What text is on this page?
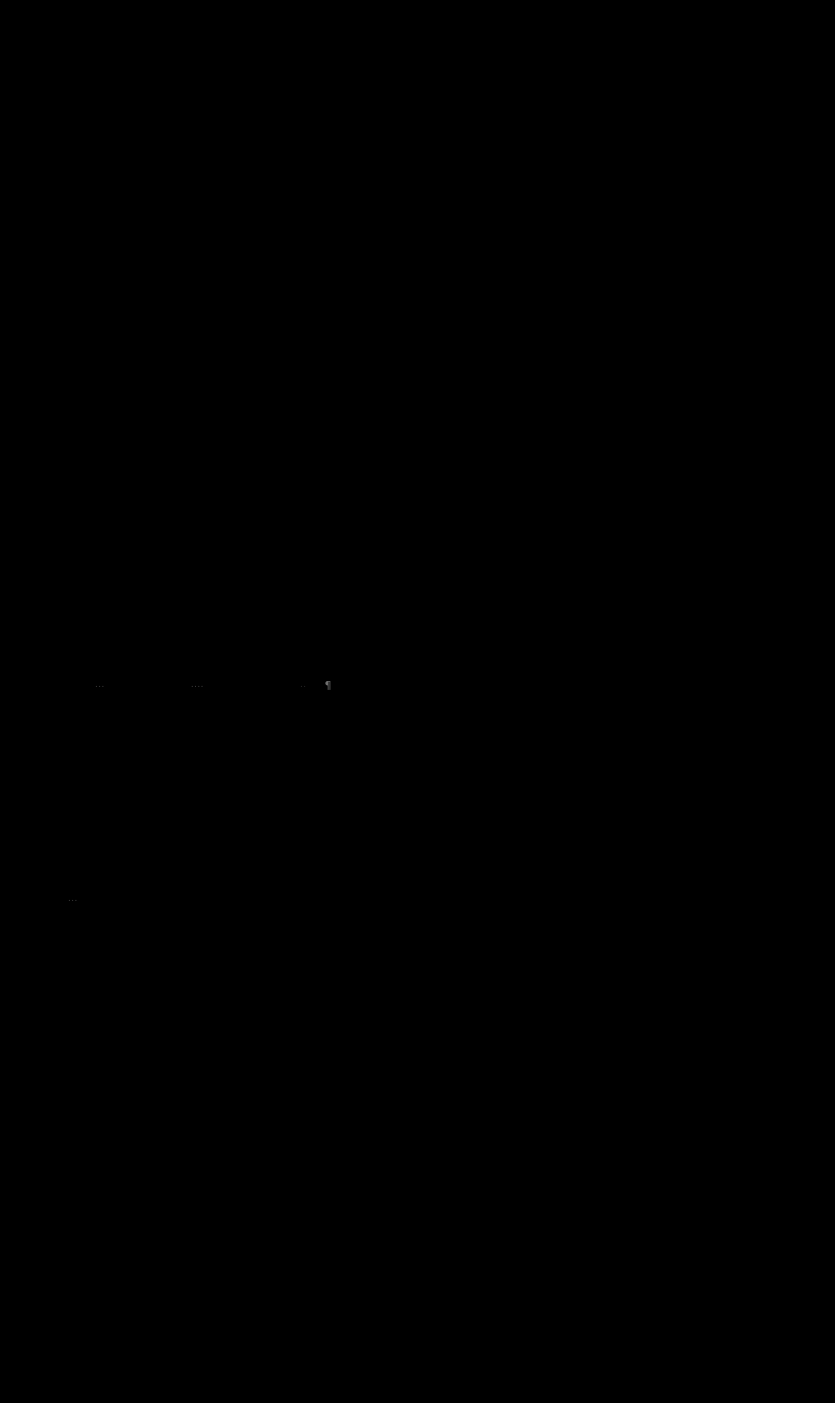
...	....	.. ¶
...
